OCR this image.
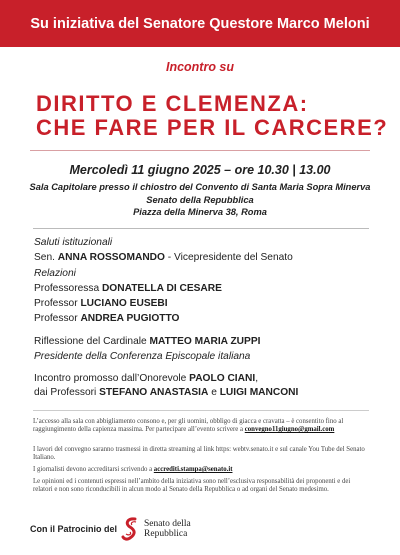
Su iniziativa del Senatore Questore Marco Meloni
Incontro su
DIRITTO E CLEMENZA:
CHE FARE PER IL CARCERE?
Mercoledì 11 giugno 2025 – ore 10.30 | 13.00
Sala Capitolare presso il chiostro del Convento di Santa Maria Sopra Minerva
Senato della Repubblica
Piazza della Minerva 38, Roma
Saluti istituzionali
Sen. ANNA ROSSOMANDO - Vicepresidente del Senato
Relazioni
Professoressa DONATELLA DI CESARE
Professor LUCIANO EUSEBI
Professor ANDREA PUGIOTTO
Riflessione del Cardinale MATTEO MARIA ZUPPI
Presidente della Conferenza Episcopale italiana
Incontro promosso dall’Onorevole PAOLO CIANI,
dai Professori STEFANO ANASTASIA e LUIGI MANCONI
L’accesso alla sala con abbigliamento consono e, per gli uomini, obbligo di giacca e cravatta – è consentito fino al raggiungimento della capienza massima. Per partecipare all’evento scrivere a convegno11giugno@gmail.com
I lavori del convegno saranno trasmessi in diretta streaming al link https: webtv.senato.it e sul canale You Tube del Senato Italiano.
I giornalisti devono accreditarsi scrivendo a accrediti.stampa@senato.it
Le opinioni ed i contenuti espressi nell’ambito della iniziativa sono nell’esclusiva responsabilità dei proponenti e dei relatori e non sono riconducibili in alcun modo al Senato della Repubblica o ad organi del Senato medesimo.
Con il Patrocinio del	Senato della
Repubblica
